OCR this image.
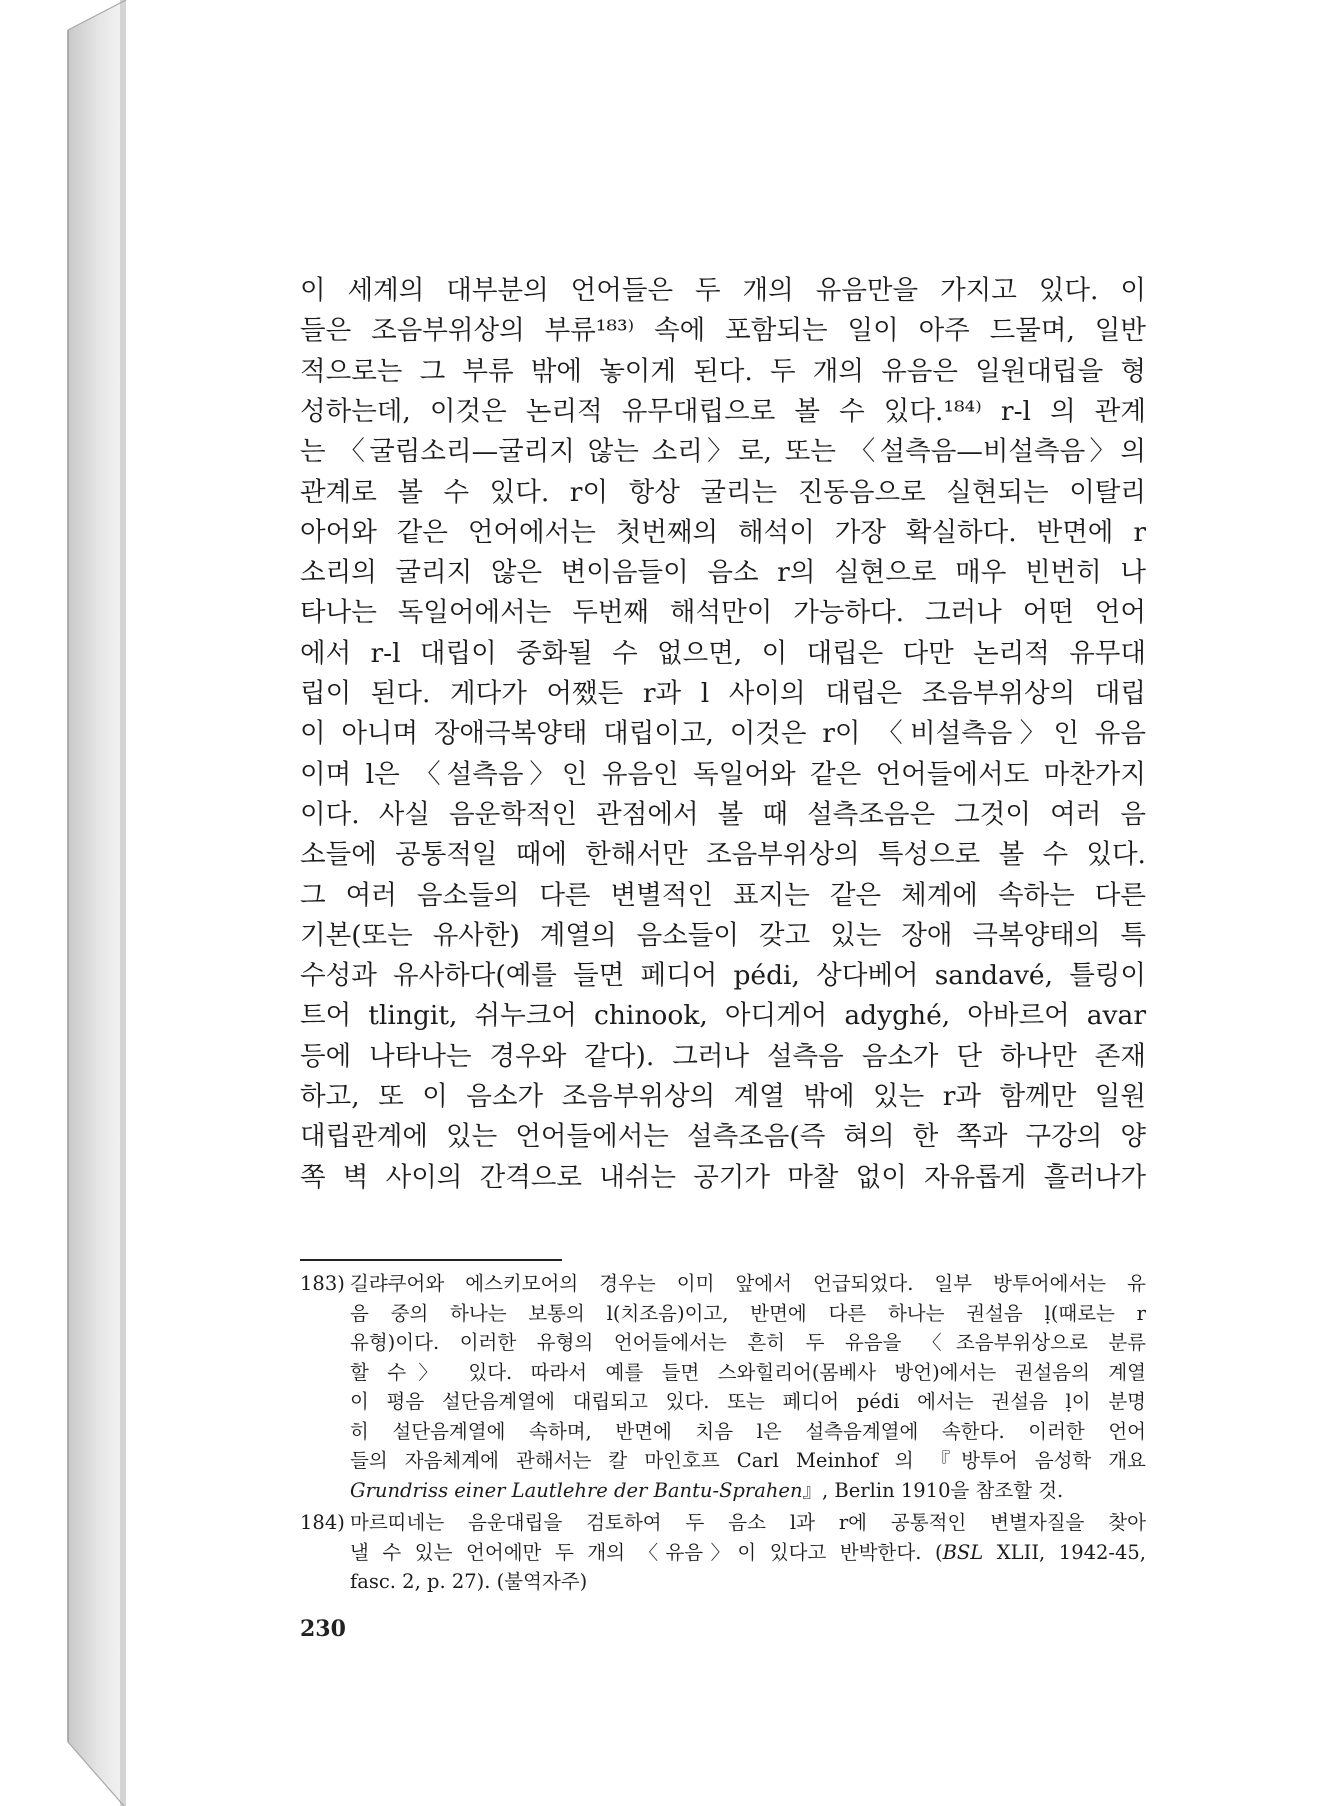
이 세계의 대부분의 언어들은 두 개의 유음만을 가지고 있다. 이
들은 조음부위상의 부류¹⁸³⁾ 속에 포함되는 일이 아주 드물며, 일반
적으로는 그 부류 밖에 놓이게 된다. 두 개의 유음은 일원대립을 형
성하는데, 이것은 논리적 유무대립으로 볼 수 있다.¹⁸⁴⁾ r-l 의 관계
는 〈굴림소리—굴리지 않는 소리〉로, 또는 〈설측음—비설측음〉의
관계로 볼 수 있다. r이 항상 굴리는 진동음으로 실현되는 이탈리
아어와 같은 언어에서는 첫번째의 해석이 가장 확실하다. 반면에 r
소리의 굴리지 않은 변이음들이 음소 r의 실현으로 매우 빈번히 나
타나는 독일어에서는 두번째 해석만이 가능하다. 그러나 어떤 언어
에서 r-l 대립이 중화될 수 없으면, 이 대립은 다만 논리적 유무대
립이 된다. 게다가 어쨌든 r과 l 사이의 대립은 조음부위상의 대립
이 아니며 장애극복양태 대립이고, 이것은 r이 〈비설측음〉인 유음
이며 l은 〈설측음〉인 유음인 독일어와 같은 언어들에서도 마찬가지
이다. 사실 음운학적인 관점에서 볼 때 설측조음은 그것이 여러 음
소들에 공통적일 때에 한해서만 조음부위상의 특성으로 볼 수 있다.
그 여러 음소들의 다른 변별적인 표지는 같은 체계에 속하는 다른
기본(또는 유사한) 계열의 음소들이 갖고 있는 장애 극복양태의 특
수성과 유사하다(예를 들면 페디어 pédi, 상다베어 sandavé, 틀링이
트어 tlingit, 쉬누크어 chinook, 아디게어 adyghé, 아바르어 avar
등에 나타나는 경우와 같다). 그러나 설측음 음소가 단 하나만 존재
하고, 또 이 음소가 조음부위상의 계열 밖에 있는 r과 함께만 일원
대립관계에 있는 언어들에서는 설측조음(즉 혀의 한 쪽과 구강의 양
쪽 벽 사이의 간격으로 내쉬는 공기가 마찰 없이 자유롭게 흘러나가
183) 길랴쿠어와 에스키모어의 경우는 이미 앞에서 언급되었다. 일부 방투어에서는 유
음 중의 하나는 보통의 l(치조음)이고, 반면에 다른 하나는 권설음 ḷ(때로는 r
유형)이다. 이러한 유형의 언어들에서는 흔히 두 유음을 〈조음부위상으로 분류
할 수〉 있다. 따라서 예를 들면 스와힐리어(몸베사 방언)에서는 권설음의 계열
이 평음 설단음계열에 대립되고 있다. 또는 페디어 pédi 에서는 권설음 ḷ이 분명
히 설단음계열에 속하며, 반면에 치음 l은 설측음계열에 속한다. 이러한 언어
들의 자음체계에 관해서는 칼 마인호프 Carl Meinhof 의 『방투어 음성학 개요
Grundriss einer Lautlehre der Bantu-Sprahen』, Berlin 1910을 참조할 것.
184) 마르띠네는 음운대립을 검토하여 두 음소 l과 r에 공통적인 변별자질을 찾아
낼 수 있는 언어에만 두 개의 〈유음〉이 있다고 반박한다. (BSL XLII, 1942-45,
fasc. 2, p. 27). (불역자주)
230
